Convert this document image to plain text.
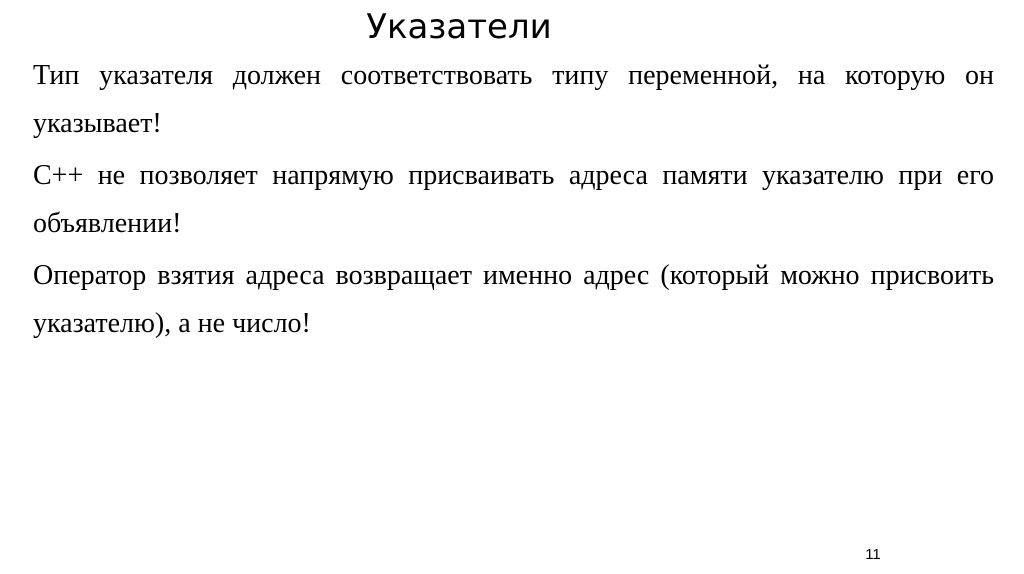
Указатели

Тип указателя должен соответствовать типу переменной, на которую он указывает!

С++ не позволяет напрямую присваивать адреса памяти указателю при его объявлении!

Оператор взятия адреса возвращает именно адрес (который можно присвоить указателю), а не число!

11
